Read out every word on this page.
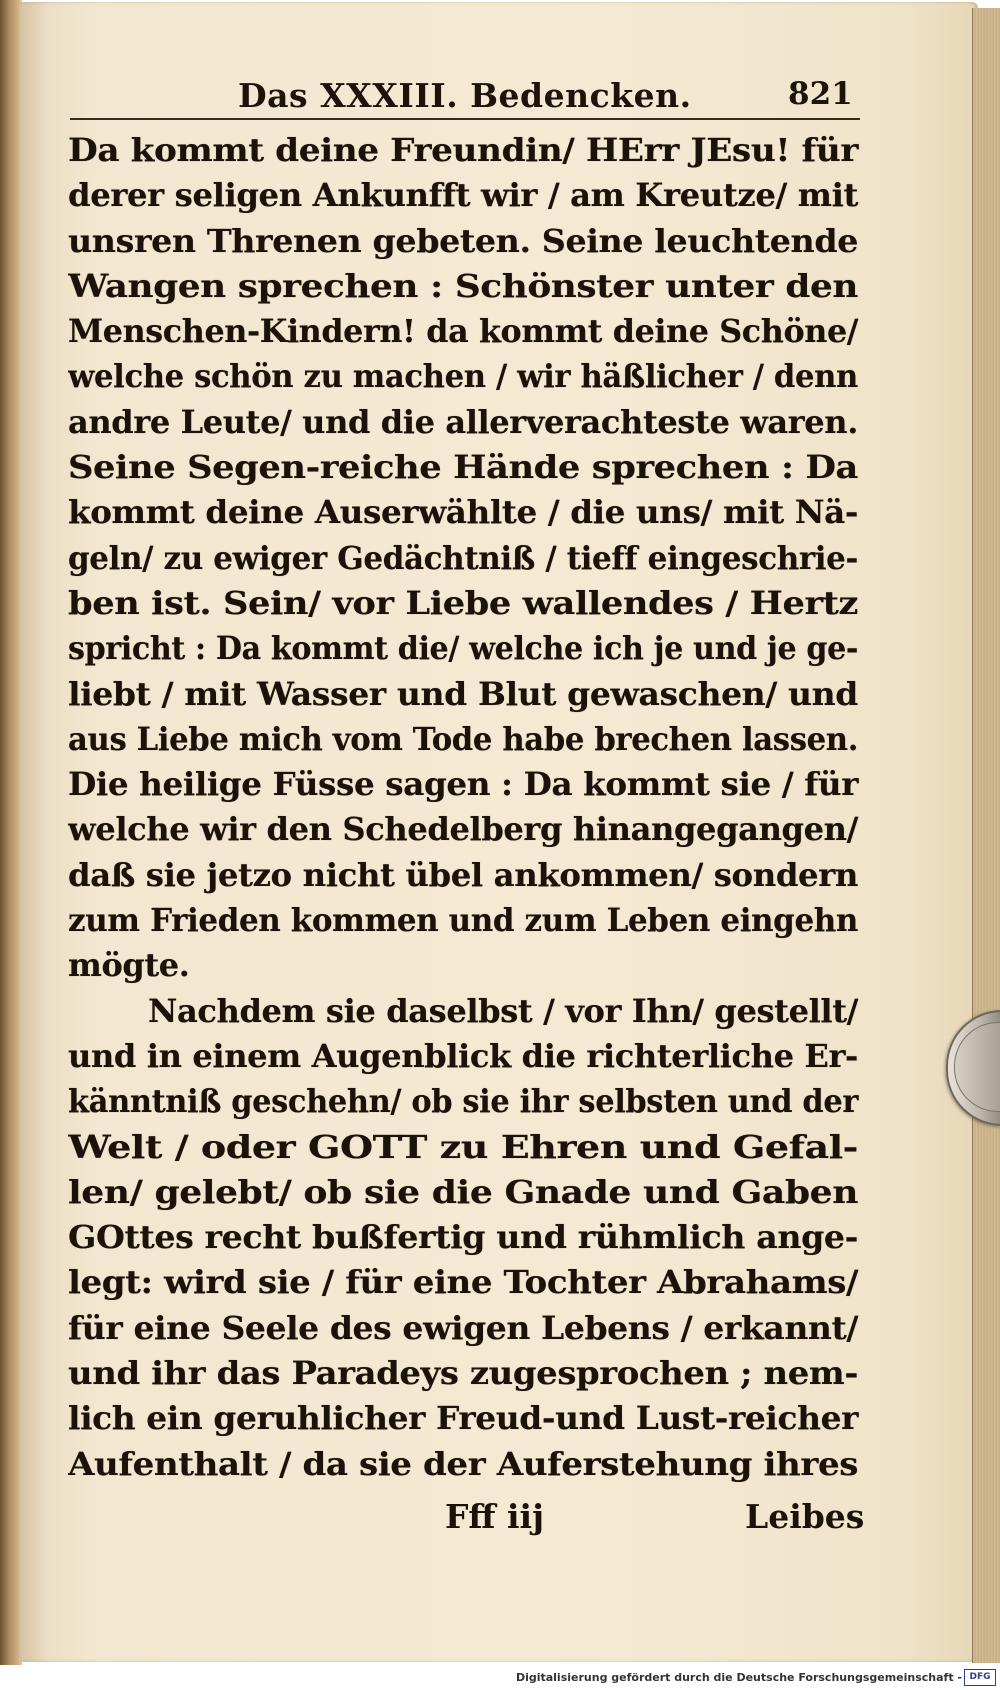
Das XXXIII. Bedencken.	821
Da kommt deine Freundin/ HErr JEsu! für
derer seligen Ankunfft wir / am Kreutze/ mit
unsren Threnen gebeten. Seine leuchtende
Wangen sprechen : Schönster unter den
Menschen-Kindern! da kommt deine Schöne/
welche schön zu machen / wir häßlicher / denn
andre Leute/ und die allerverachteste waren.
Seine Segen-reiche Hände sprechen : Da
kommt deine Auserwählte / die uns/ mit Nä-
geln/ zu ewiger Gedächtniß / tieff eingeschrie-
ben ist. Sein/ vor Liebe wallendes / Hertz
spricht : Da kommt die/ welche ich je und je ge-
liebt / mit Wasser und Blut gewaschen/ und
aus Liebe mich vom Tode habe brechen lassen.
Die heilige Füsse sagen : Da kommt sie / für
welche wir den Schedelberg hinangegangen/
daß sie jetzo nicht übel ankommen/ sondern
zum Frieden kommen und zum Leben eingehn
mögte.
Nachdem sie daselbst / vor Ihn/ gestellt/
und in einem Augenblick die richterliche Er-
känntniß geschehn/ ob sie ihr selbsten und der
Welt / oder GOTT zu Ehren und Gefal-
len/ gelebt/ ob sie die Gnade und Gaben
GOttes recht bußfertig und rühmlich ange-
legt: wird sie / für eine Tochter Abrahams/
für eine Seele des ewigen Lebens / erkannt/
und ihr das Paradeys zugesprochen ; nem-
lich ein geruhlicher Freud-und Lust-reicher
Aufenthalt / da sie der Auferstehung ihres
Fff iij	Leibes
Digitalisierung gefördert durch die Deutsche Forschungsgemeinschaft - DFG
